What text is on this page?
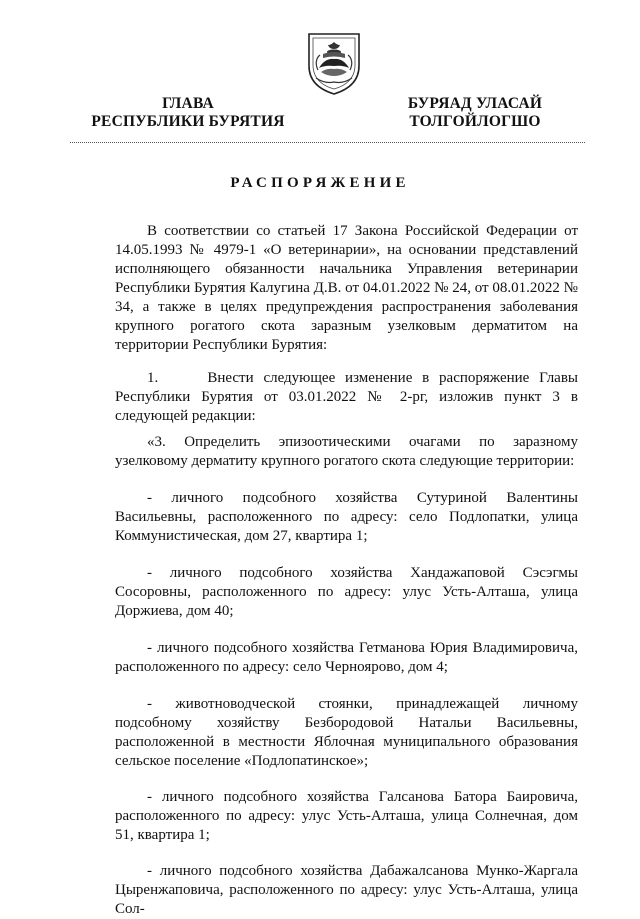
ГЛАВА
РЕСПУБЛИКИ БУРЯТИЯ
БУРЯАД УЛАСАЙ
ТОЛГОЙЛОГШО
РАСПОРЯЖЕНИЕ

В соответствии со статьей 17 Закона Российской Федерации от 14.05.1993 № 4979-1 «О ветеринарии», на основании представлений исполняющего обязанности начальника Управления ветеринарии Республики Бурятия Калугина Д.В. от 04.01.2022 № 24, от 08.01.2022 № 34, а также в целях предупреждения распространения заболевания крупного рогатого скота заразным узелковым дерматитом на территории Республики Бурятия:

1.     Внести следующее изменение в распоряжение Главы Республики Бурятия от 03.01.2022 № 2-рг, изложив пункт 3 в следующей редакции:

«3. Определить эпизоотическими очагами по заразному узелковому дерматиту крупного рогатого скота следующие территории:

- личного подсобного хозяйства Сутуриной Валентины Васильевны, расположенного по адресу: село Подлопатки, улица Коммунистическая, дом 27, квартира 1;

- личного подсобного хозяйства Хандажаповой Сэсэгмы Сосоровны, расположенного по адресу: улус Усть-Алташа, улица Доржиева, дом 40;

- личного подсобного хозяйства Гетманова Юрия Владимировича, расположенного по адресу: село Черноярово, дом 4;

- животноводческой стоянки, принадлежащей личному подсобному хозяйству Безбородовой Натальи Васильевны, расположенной в местности Яблочная муниципального образования сельское поселение «Подлопатинское»;

- личного подсобного хозяйства Галсанова Батора Баировича, расположенного по адресу: улус Усть-Алташа, улица Солнечная, дом 51, квартира 1;

- личного подсобного хозяйства Дабажалсанова Мунко-Жаргала Цыренжаповича, расположенного по адресу: улус Усть-Алташа, улица Сол-
